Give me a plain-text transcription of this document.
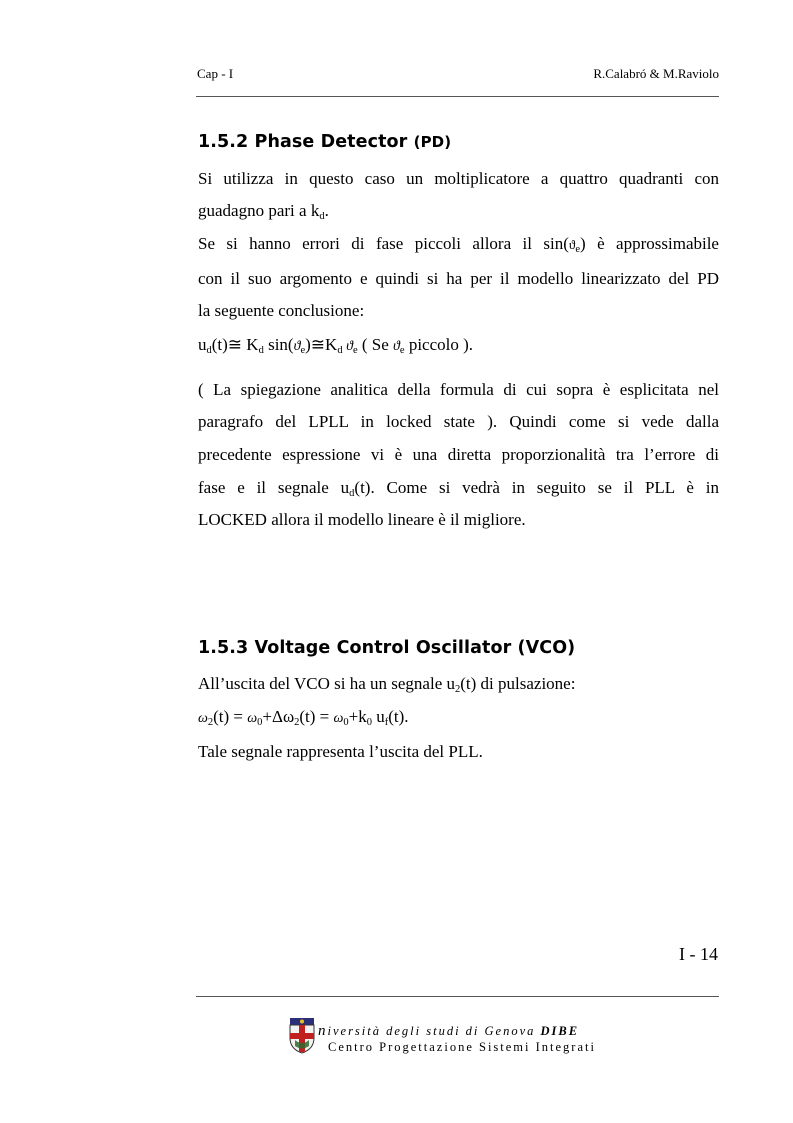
Cap - I	R.Calabró & M.Raviolo
1.5.2 Phase Detector (PD)
Si utilizza in questo caso un moltiplicatore a quattro quadranti con
guadagno pari a $k_d$.
Se si hanno errori di fase piccoli allora il $\sin(ϑ_e)$ è approssimabile
con il suo argomento e quindi si ha per il modello linearizzato del PD
la seguente conclusione:
$u_d(t)≅$ $K_d$ $\sin(ϑ_e)≅K_d$ $ϑ_e$ ( Se $ϑ_e$ piccolo ).
( La spiegazione analitica della formula di cui sopra è esplicitata nel
paragrafo del LPLL in locked state ). Quindi come si vede dalla
precedente espressione vi è una diretta proporzionalità tra l’errore di
fase e il segnale $u_d(t)$. Come si vedrà in seguito se il PLL è in
LOCKED allora il modello lineare è il migliore.
1.5.3 Voltage Control Oscillator (VCO)
All’uscita del VCO si ha un segnale $u_2(t)$ di pulsazione:
$\omega_2(t) = \omega_0+\Delta\omega_2(t) = \omega_0+k_0$ $u_f(t)$.
Tale segnale rappresenta l’uscita del PLL.
I - 14
niversità degli studi di Genova DIBE
Centro Progettazione Sistemi Integrati
